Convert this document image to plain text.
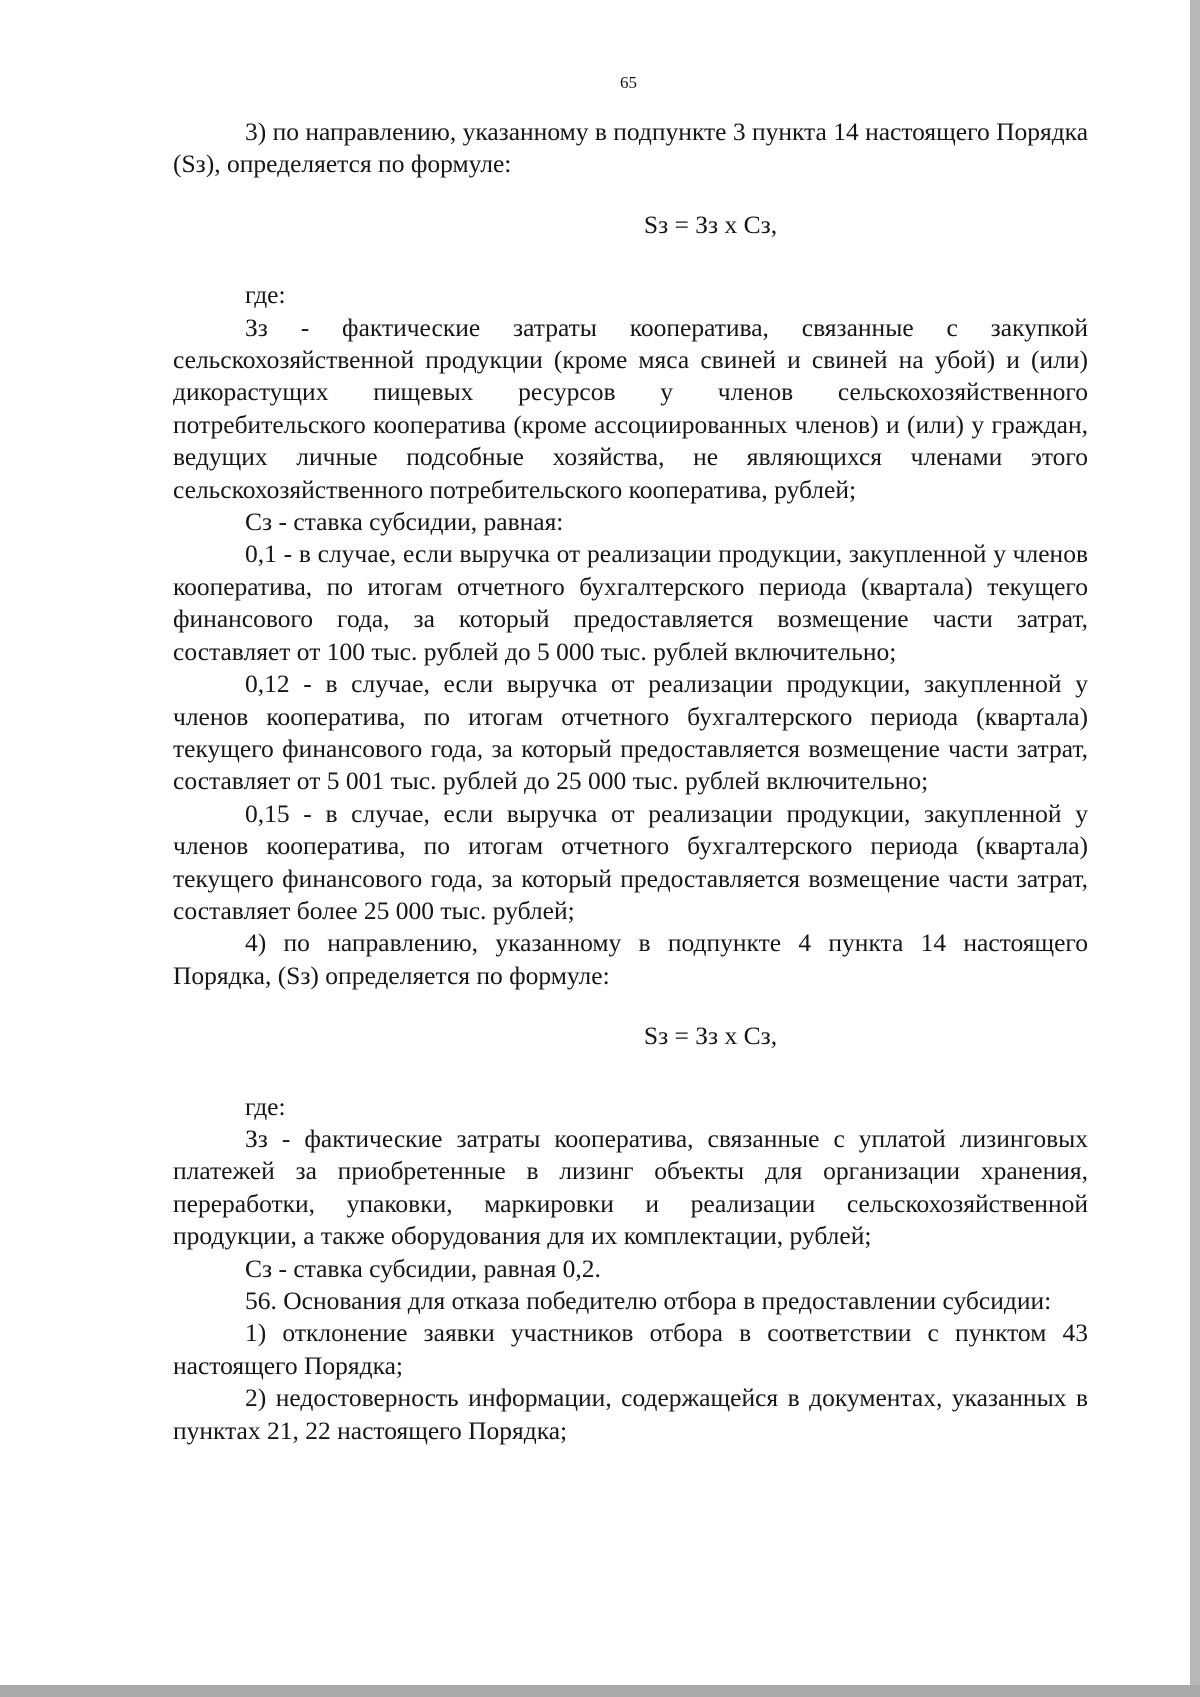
65

3) по направлению, указанному в подпункте 3 пункта 14 настоящего Порядка (Sз), определяется по формуле:

Sз = Зз х Сз,

где:

Зз - фактические затраты кооператива, связанные с закупкой сельскохозяйственной продукции (кроме мяса свиней и свиней на убой) и (или) дикорастущих пищевых ресурсов у членов сельскохозяйственного потребительского кооператива (кроме ассоциированных членов) и (или) у граждан, ведущих личные подсобные хозяйства, не являющихся членами этого сельскохозяйственного потребительского кооператива, рублей;

Сз - ставка субсидии, равная:

0,1 - в случае, если выручка от реализации продукции, закупленной у членов кооператива, по итогам отчетного бухгалтерского периода (квартала) текущего финансового года, за который предоставляется возмещение части затрат, составляет от 100 тыс. рублей до 5 000 тыс. рублей включительно;

0,12 - в случае, если выручка от реализации продукции, закупленной у членов кооператива, по итогам отчетного бухгалтерского периода (квартала) текущего финансового года, за который предоставляется возмещение части затрат, составляет от 5 001 тыс. рублей до 25 000 тыс. рублей включительно;

0,15 - в случае, если выручка от реализации продукции, закупленной у членов кооператива, по итогам отчетного бухгалтерского периода (квартала) текущего финансового года, за который предоставляется возмещение части затрат, составляет более 25 000 тыс. рублей;

4) по направлению, указанному в подпункте 4 пункта 14 настоящего Порядка, (Sз) определяется по формуле:

Sз = Зз х Сз,

где:

Зз - фактические затраты кооператива, связанные с уплатой лизинговых платежей за приобретенные в лизинг объекты для организации хранения, переработки, упаковки, маркировки и реализации сельскохозяйственной продукции, а также оборудования для их комплектации, рублей;

Сз - ставка субсидии, равная 0,2.

56. Основания для отказа победителю отбора в предоставлении субсидии:

1) отклонение заявки участников отбора в соответствии с пунктом 43 настоящего Порядка;

2) недостоверность информации, содержащейся в документах, указанных в пунктах 21, 22 настоящего Порядка;
